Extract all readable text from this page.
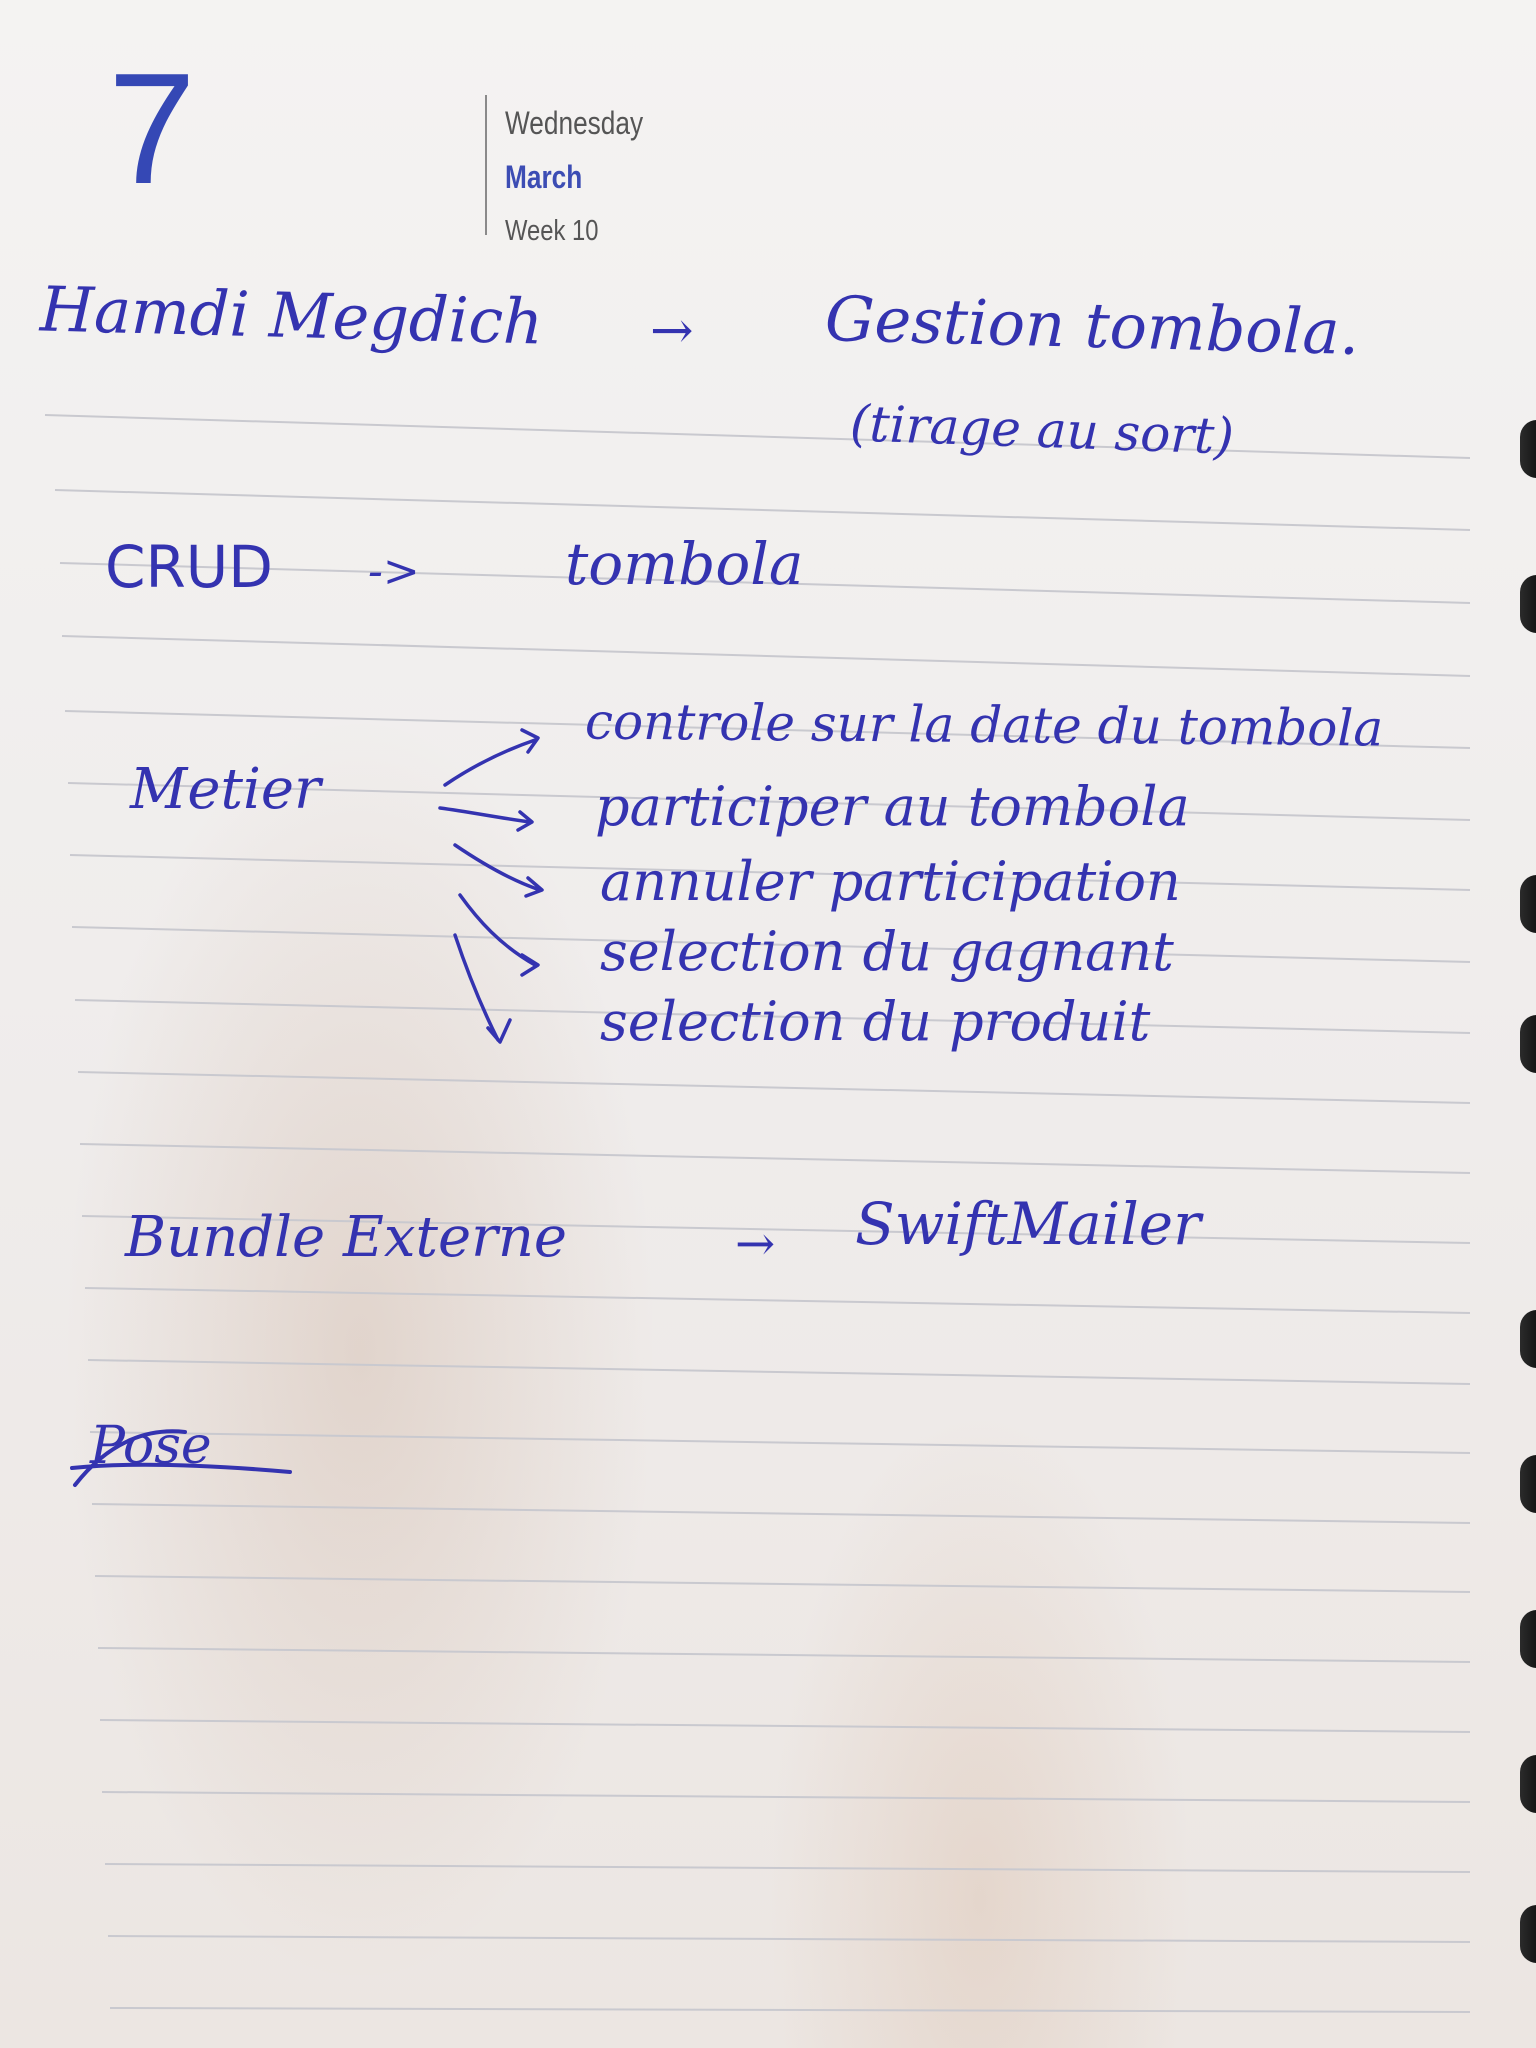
7	Wednesday
March
Week 10
Hamdi Megdich → Gestion tombola.
(tirage au sort)
CRUD ->	tombola
Metier
controle sur la date du tombola
participer au tombola
annuler participation
selection du gagnant
selection du produit
Bundle Externe	→ SwiftMailer
Pose
